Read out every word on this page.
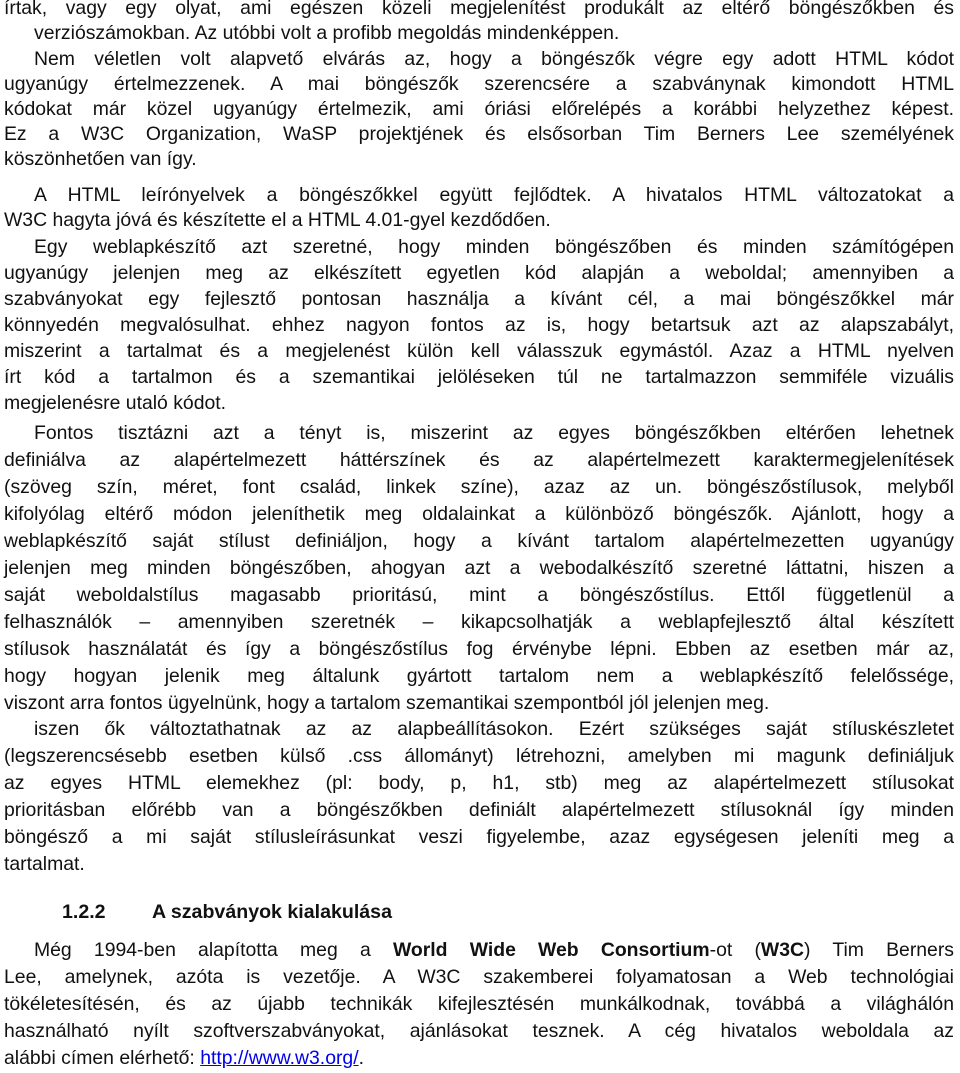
írtak, vagy egy olyat, ami egészen közeli megjelenítést produkált az eltérő böngészőkben és
verziószámokban. Az utóbbi volt a profibb megoldás mindenképpen.
Nem véletlen volt alapvető elvárás az, hogy a böngészők végre egy adott HTML kódot
ugyanúgy értelmezzenek. A mai böngészők szerencsére a szabványnak kimondott HTML
kódokat már közel ugyanúgy értelmezik, ami óriási előrelépés a korábbi helyzethez képest.
Ez a W3C Organization, WaSP projektjének és elsősorban Tim Berners Lee személyének
köszönhetően van így.
A HTML leírónyelvek a böngészőkkel együtt fejlődtek. A hivatalos HTML változatokat a
W3C hagyta jóvá és készítette el a HTML 4.01-gyel kezdődően.
Egy weblapkészítő azt szeretné, hogy minden böngészőben és minden számítógépen
ugyanúgy jelenjen meg az elkészített egyetlen kód alapján a weboldal; amennyiben a
szabványokat egy fejlesztő pontosan használja a kívánt cél, a mai böngészőkkel már
könnyedén megvalósulhat. ehhez nagyon fontos az is, hogy betartsuk azt az alapszabályt,
miszerint a tartalmat és a megjelenést külön kell válasszuk egymástól. Azaz a HTML nyelven
írt kód a tartalmon és a szemantikai jelöléseken túl ne tartalmazzon semmiféle vizuális
megjelenésre utaló kódot.
Fontos tisztázni azt a tényt is, miszerint az egyes böngészőkben eltérően lehetnek
definiálva az alapértelmezett háttérszínek és az alapértelmezett karaktermegjelenítések
(szöveg szín, méret, font család, linkek színe), azaz az un. böngészőstílusok, melyből
kifolyólag eltérő módon jeleníthetik meg oldalainkat a különböző böngészők. Ajánlott, hogy a
weblapkészítő saját stílust definiáljon, hogy a kívánt tartalom alapértelmezetten ugyanúgy
jelenjen meg minden böngészőben, ahogyan azt a webodalkészítő szeretné láttatni, hiszen a
saját weboldalstílus magasabb prioritású, mint a böngészőstílus. Ettől függetlenül a
felhasználók – amennyiben szeretnék – kikapcsolhatják a weblapfejlesztő által készített
stílusok használatát és így a böngészőstílus fog érvénybe lépni. Ebben az esetben már az,
hogy hogyan jelenik meg általunk gyártott tartalom nem a weblapkészítő felelőssége,
viszont arra fontos ügyelnünk, hogy a tartalom szemantikai szempontból jól jelenjen meg.
iszen ők változtathatnak az az alapbeállításokon. Ezért szükséges saját stíluskészletet
(legszerencsésebb esetben külső .css állományt) létrehozni, amelyben mi magunk definiáljuk
az egyes HTML elemekhez (pl: body, p, h1, stb) meg az alapértelmezett stílusokat
prioritásban előrébb van a böngészőkben definiált alapértelmezett stílusoknál így minden
böngésző a mi saját stílusleírásunkat veszi figyelembe, azaz egységesen jeleníti meg a
tartalmat.
1.2.2 A szabványok kialakulása
Még 1994-ben alapította meg a World Wide Web Consortium-ot (W3C) Tim Berners
Lee, amelynek, azóta is vezetője. A W3C szakemberei folyamatosan a Web technológiai
tökéletesítésén, és az újabb technikák kifejlesztésén munkálkodnak, továbbá a világhálón
használható nyílt szoftverszabványokat, ajánlásokat tesznek. A cég hivatalos weboldala az
alábbi címen elérhető: http://www.w3.org/.
